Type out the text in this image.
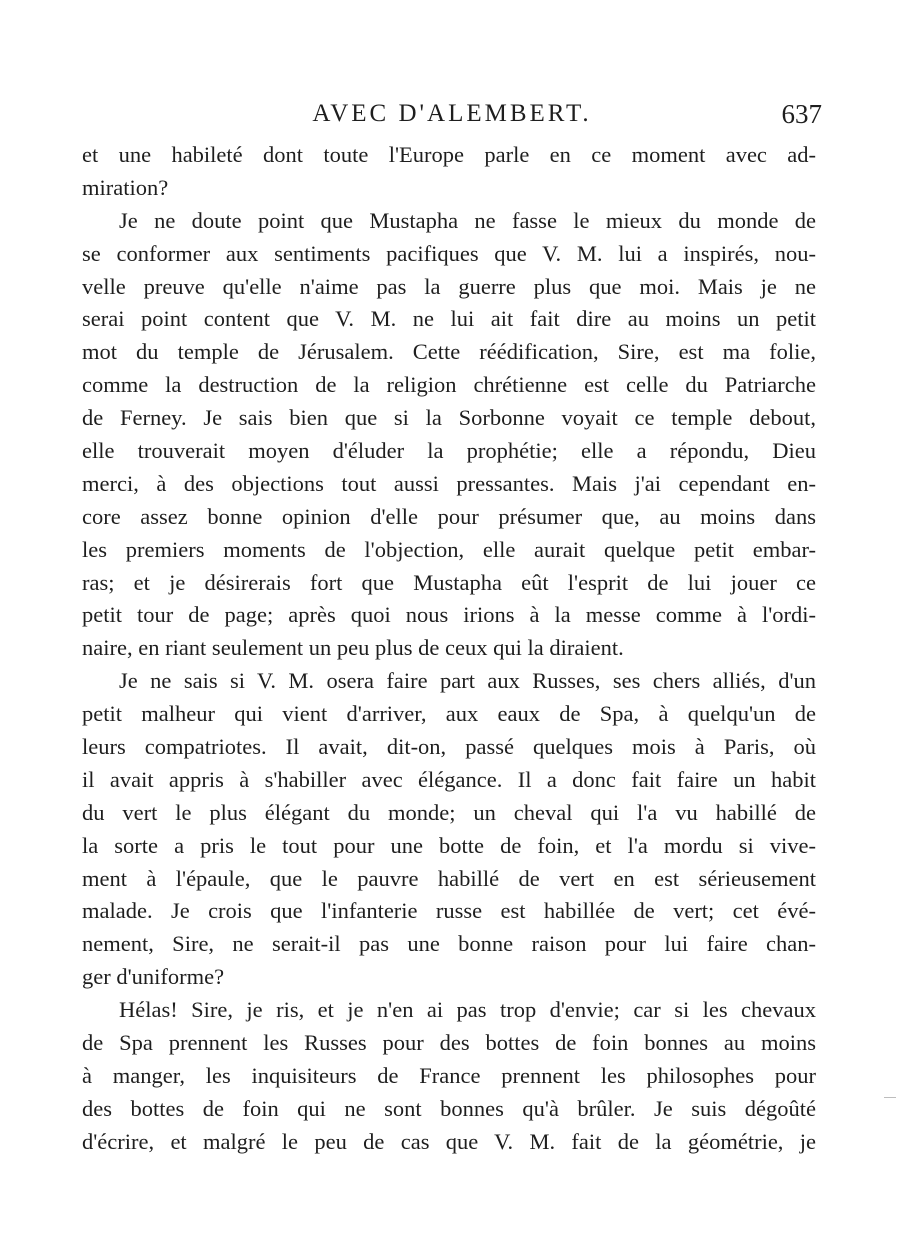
AVEC D'ALEMBERT.	637
et une habileté dont toute l'Europe parle en ce moment avec ad-
miration?
Je ne doute point que Mustapha ne fasse le mieux du monde de
se conformer aux sentiments pacifiques que V. M. lui a inspirés, nou-
velle preuve qu'elle n'aime pas la guerre plus que moi. Mais je ne
serai point content que V. M. ne lui ait fait dire au moins un petit
mot du temple de Jérusalem. Cette réédification, Sire, est ma folie,
comme la destruction de la religion chrétienne est celle du Patriarche
de Ferney. Je sais bien que si la Sorbonne voyait ce temple debout,
elle trouverait moyen d'éluder la prophétie; elle a répondu, Dieu
merci, à des objections tout aussi pressantes. Mais j'ai cependant en-
core assez bonne opinion d'elle pour présumer que, au moins dans
les premiers moments de l'objection, elle aurait quelque petit embar-
ras; et je désirerais fort que Mustapha eût l'esprit de lui jouer ce
petit tour de page; après quoi nous irions à la messe comme à l'ordi-
naire, en riant seulement un peu plus de ceux qui la diraient.
Je ne sais si V. M. osera faire part aux Russes, ses chers alliés, d'un
petit malheur qui vient d'arriver, aux eaux de Spa, à quelqu'un de
leurs compatriotes. Il avait, dit-on, passé quelques mois à Paris, où
il avait appris à s'habiller avec élégance. Il a donc fait faire un habit
du vert le plus élégant du monde; un cheval qui l'a vu habillé de
la sorte a pris le tout pour une botte de foin, et l'a mordu si vive-
ment à l'épaule, que le pauvre habillé de vert en est sérieusement
malade. Je crois que l'infanterie russe est habillée de vert; cet évé-
nement, Sire, ne serait-il pas une bonne raison pour lui faire chan-
ger d'uniforme?
Hélas! Sire, je ris, et je n'en ai pas trop d'envie; car si les chevaux
de Spa prennent les Russes pour des bottes de foin bonnes au moins
à manger, les inquisiteurs de France prennent les philosophes pour
des bottes de foin qui ne sont bonnes qu'à brûler. Je suis dégoûté
d'écrire, et malgré le peu de cas que V. M. fait de la géométrie, je
